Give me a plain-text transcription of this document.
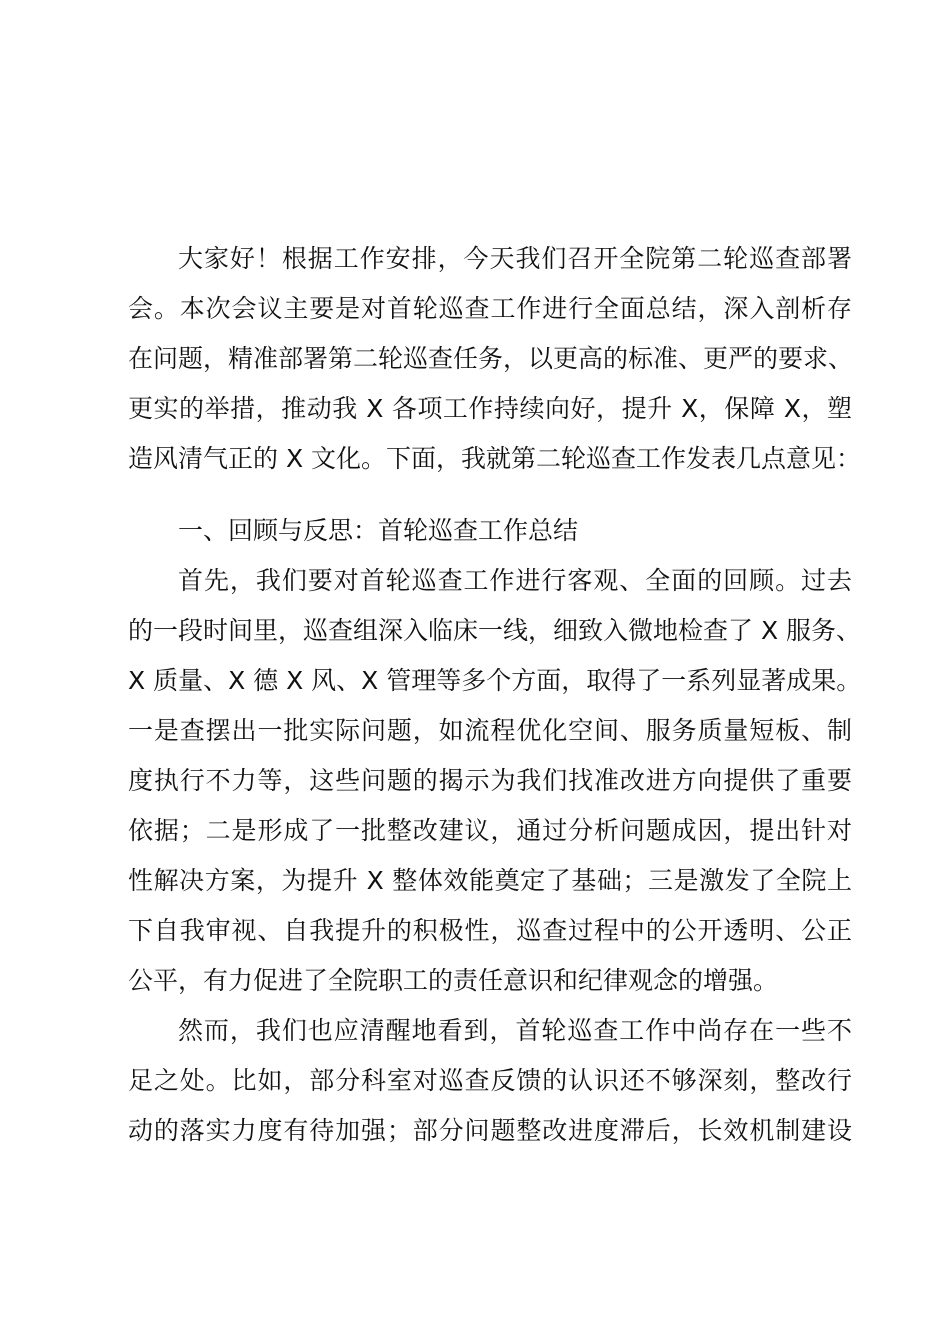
大家好！根据工作安排，今天我们召开全院第二轮巡查部署
会。本次会议主要是对首轮巡查工作进行全面总结，深入剖析存
在问题，精准部署第二轮巡查任务，以更高的标准、更严的要求、
更实的举措，推动我 X 各项工作持续向好，提升 X，保障 X，塑
造风清气正的 X 文化。下面，我就第二轮巡查工作发表几点意见：
一、回顾与反思：首轮巡查工作总结
首先，我们要对首轮巡查工作进行客观、全面的回顾。过去
的一段时间里，巡查组深入临床一线，细致入微地检查了 X 服务、
X 质量、X 德 X 风、X 管理等多个方面，取得了一系列显著成果。
一是查摆出一批实际问题，如流程优化空间、服务质量短板、制
度执行不力等，这些问题的揭示为我们找准改进方向提供了重要
依据；二是形成了一批整改建议，通过分析问题成因，提出针对
性解决方案，为提升 X 整体效能奠定了基础；三是激发了全院上
下自我审视、自我提升的积极性，巡查过程中的公开透明、公正
公平，有力促进了全院职工的责任意识和纪律观念的增强。
然而，我们也应清醒地看到，首轮巡查工作中尚存在一些不
足之处。比如，部分科室对巡查反馈的认识还不够深刻，整改行
动的落实力度有待加强；部分问题整改进度滞后，长效机制建设
